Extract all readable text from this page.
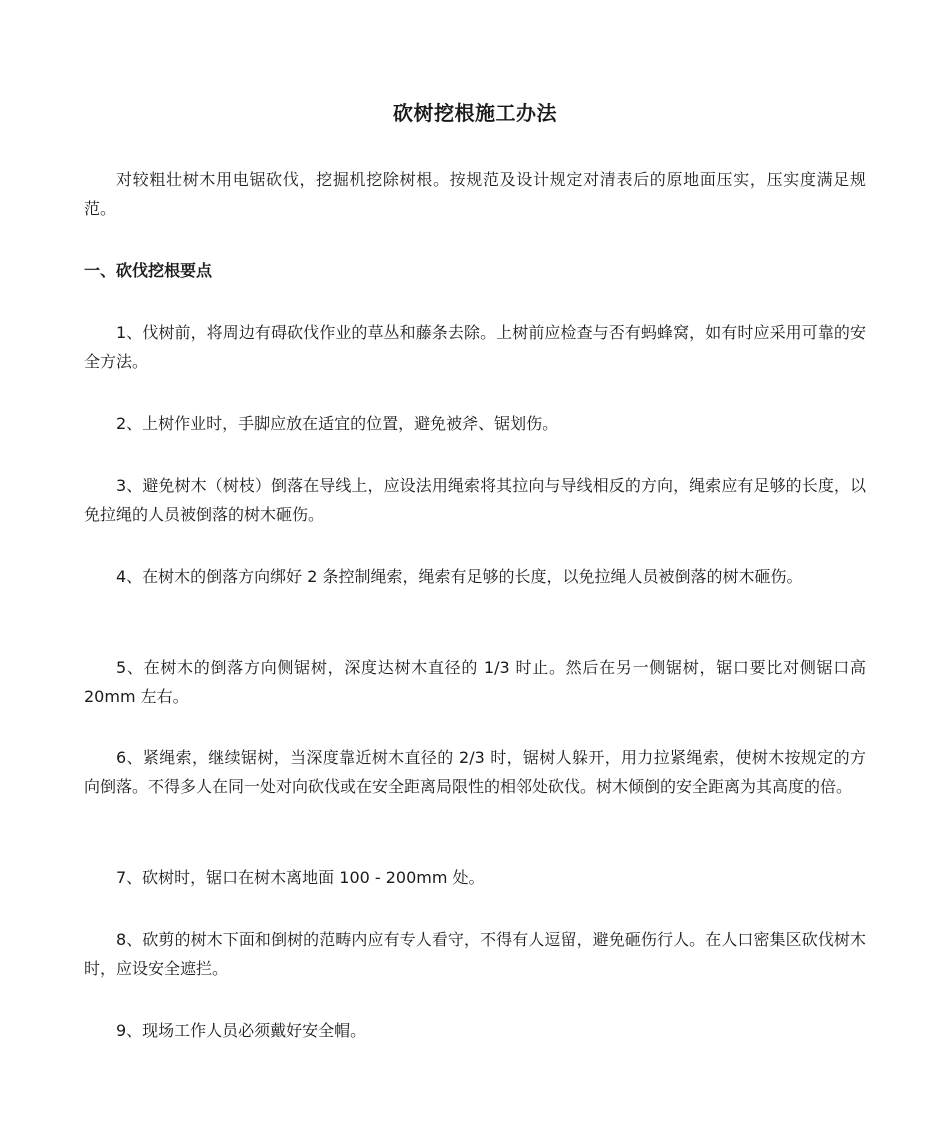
砍树挖根施工办法

对较粗壮树木用电锯砍伐，挖掘机挖除树根。按规范及设计规定对清表后的原地面压实，压实度满足规范。

一、砍伐挖根要点

1、伐树前，将周边有碍砍伐作业的草丛和藤条去除。上树前应检查与否有蚂蜂窝，如有时应采用可靠的安全方法。

2、上树作业时，手脚应放在适宜的位置，避免被斧、锯划伤。

3、避免树木（树枝）倒落在导线上，应设法用绳索将其拉向与导线相反的方向，绳索应有足够的长度，以免拉绳的人员被倒落的树木砸伤。

4、在树木的倒落方向绑好 2 条控制绳索，绳索有足够的长度，以免拉绳人员被倒落的树木砸伤。

5、在树木的倒落方向侧锯树，深度达树木直径的 1/3 时止。然后在另一侧锯树，锯口要比对侧锯口高 20mm 左右。

6、紧绳索，继续锯树，当深度靠近树木直径的 2/3 时，锯树人躲开，用力拉紧绳索，使树木按规定的方向倒落。不得多人在同一处对向砍伐或在安全距离局限性的相邻处砍伐。树木倾倒的安全距离为其高度的倍。

7、砍树时，锯口在树木离地面 100 - 200mm 处。

8、砍剪的树木下面和倒树的范畴内应有专人看守，不得有人逗留，避免砸伤行人。在人口密集区砍伐树木时，应设安全遮拦。

9、现场工作人员必须戴好安全帽。
